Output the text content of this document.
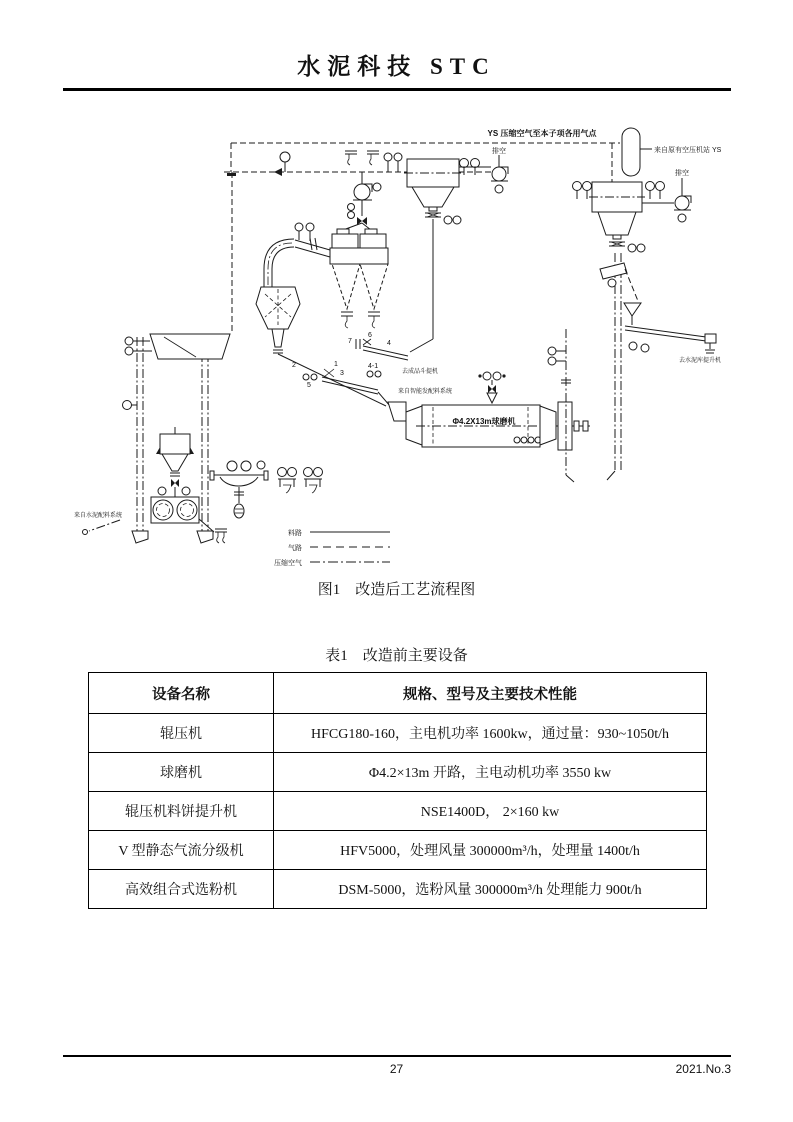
水泥科技 STC
YS 压缩空气至本子项各用气点
来自原有空压机站 YS
排空
排空
去水泥库提升机
7
6
4
4-1
去成品斗提机
2	1
5
3
来自智能发配料系统
Φ4.2X13m球磨机
来自水泥配料系统
料路
气路
压缩空气
图1　改造后工艺流程图
表1　改造前主要设备
设备名称	规格、型号及主要技术性能
辊压机	HFCG180-160，主电机功率 1600kw，通过量：930~1050t/h
球磨机	Φ4.2×13m 开路，主电动机功率 3550 kw
辊压机料饼提升机	NSE1400D， 2×160 kw
V 型静态气流分级机	HFV5000，处理风量 300000m³/h，处理量 1400t/h
高效组合式选粉机	DSM-5000，选粉风量 300000m³/h 处理能力 900t/h
27	2021.No.3
